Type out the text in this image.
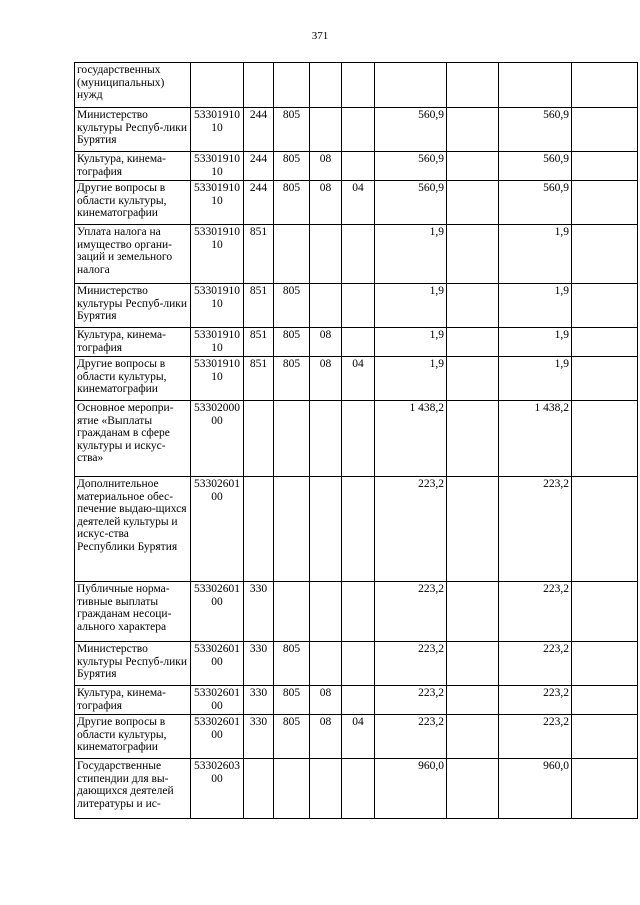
371
государственных (муниципальных) нужд									
Министерство культуры Респуб-лики Бурятия	53301910 10	244	805			560,9		560,9	
Культура, кинема-тография	53301910 10	244	805	08		560,9		560,9	
Другие вопросы в области культуры, кинематографии	53301910 10	244	805	08	04	560,9		560,9	
Уплата налога на имущество органи-заций и земельного налога	53301910 10	851				1,9		1,9	
Министерство культуры Респуб-лики Бурятия	53301910 10	851	805			1,9		1,9	
Культура, кинема-тография	53301910 10	851	805	08		1,9		1,9	
Другие вопросы в области культуры, кинематографии	53301910 10	851	805	08	04	1,9		1,9	
Основное меропри-ятие «Выплаты гражданам в сфере культуры и искус-ства»	53302000 00					1 438,2		1 438,2	
Дополнительное материальное обес-печение выдаю-щихся деятелей культуры и искус-ства Республики Бурятия	53302601 00					223,2		223,2	
Публичные норма-тивные выплаты гражданам несоци-ального характера	53302601 00	330				223,2		223,2	
Министерство культуры Респуб-лики Бурятия	53302601 00	330	805			223,2		223,2	
Культура, кинема-тография	53302601 00	330	805	08		223,2		223,2	
Другие вопросы в области культуры, кинематографии	53302601 00	330	805	08	04	223,2		223,2	
Государственные стипендии для вы-дающихся деятелей литературы и ис-	53302603 00					960,0		960,0	
